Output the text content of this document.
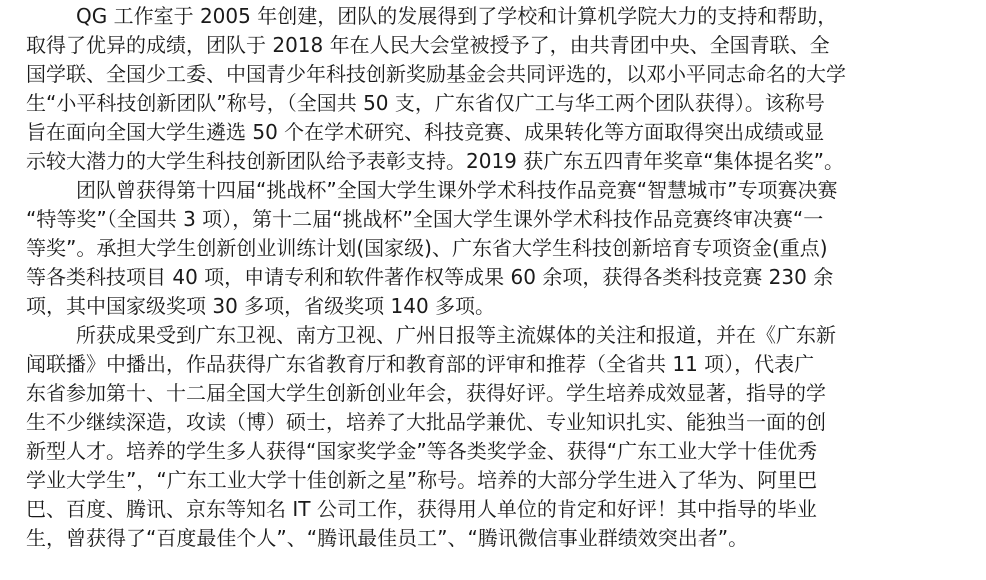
QG 工作室于 2005 年创建，团队的发展得到了学校和计算机学院大力的支持和帮助，
取得了优异的成绩，团队于 2018 年在人民大会堂被授予了，由共青团中央、全国青联、全
国学联、全国少工委、中国青少年科技创新奖励基金会共同评选的，以邓小平同志命名的大学
生“小平科技创新团队”称号，（全国共 50 支，广东省仅广工与华工两个团队获得）。该称号
旨在面向全国大学生遴选 50 个在学术研究、科技竞赛、成果转化等方面取得突出成绩或显
示较大潜力的大学生科技创新团队给予表彰支持。2019 获广东五四青年奖章“集体提名奖”。
团队曾获得第十四届“挑战杯”全国大学生课外学术科技作品竞赛“智慧城市”专项赛决赛
“特等奖”（全国共 3 项），第十二届“挑战杯”全国大学生课外学术科技作品竞赛终审决赛“一
等奖”。承担大学生创新创业训练计划(国家级)、广东省大学生科技创新培育专项资金(重点)
等各类科技项目 40 项，申请专利和软件著作权等成果 60 余项，获得各类科技竞赛 230 余
项，其中国家级奖项 30 多项，省级奖项 140 多项。
所获成果受到广东卫视、南方卫视、广州日报等主流媒体的关注和报道，并在《广东新
闻联播》中播出，作品获得广东省教育厅和教育部的评审和推荐（全省共 11 项），代表广
东省参加第十、十二届全国大学生创新创业年会，获得好评。学生培养成效显著，指导的学
生不少继续深造，攻读（博）硕士，培养了大批品学兼优、专业知识扎实、能独当一面的创
新型人才。培养的学生多人获得“国家奖学金”等各类奖学金、获得“广东工业大学十佳优秀
学业大学生”，“广东工业大学十佳创新之星”称号。培养的大部分学生进入了华为、阿里巴
巴、百度、腾讯、京东等知名 IT 公司工作，获得用人单位的肯定和好评！其中指导的毕业
生，曾获得了“百度最佳个人”、“腾讯最佳员工”、“腾讯微信事业群绩效突出者”。
